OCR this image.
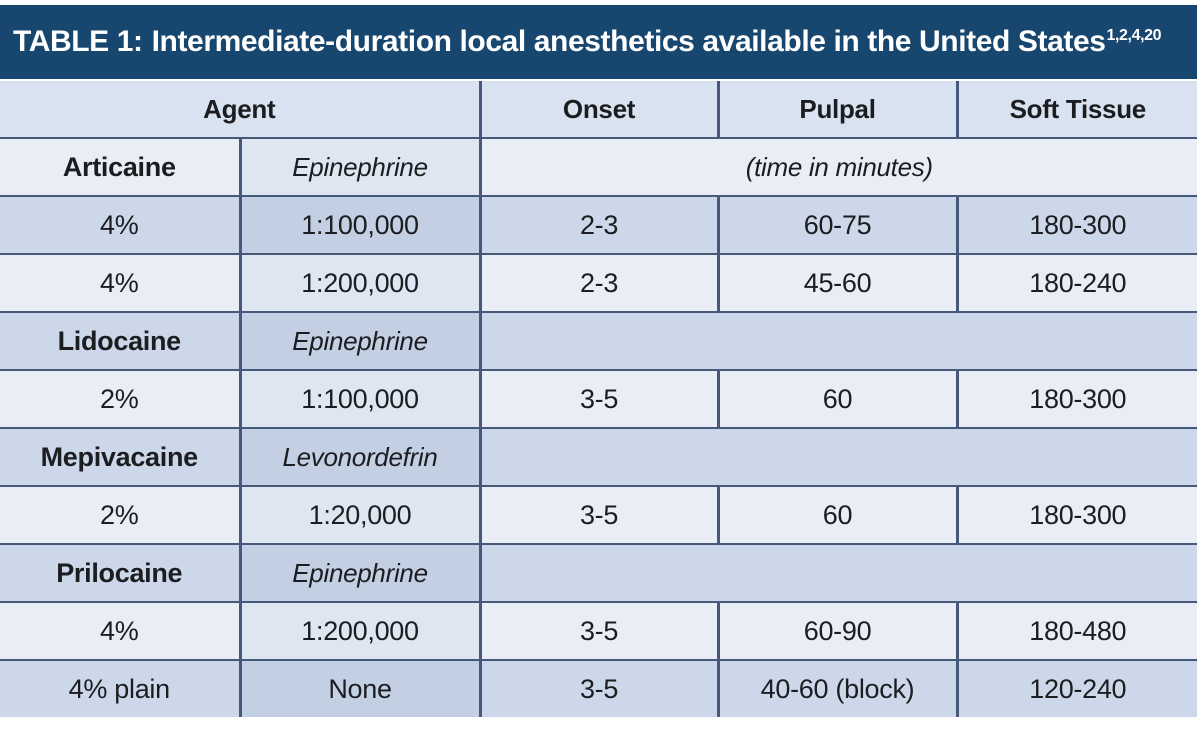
TABLE 1: Intermediate-duration local anesthetics available in the United States$^{1,2,4,20}$
Agent		Onset	Pulpal	Soft Tissue
Articaine	Epinephrine	(time in minutes)		
4%	1:100,000	2-3	60-75	180-300
4%	1:200,000	2-3	45-60	180-240
Lidocaine	Epinephrine			
2%	1:100,000	3-5	60	180-300
Mepivacaine	Levonordefrin			
2%	1:20,000	3-5	60	180-300
Prilocaine	Epinephrine			
4%	1:200,000	3-5	60-90	180-480
4% plain	None	3-5	40-60 (block)	120-240
